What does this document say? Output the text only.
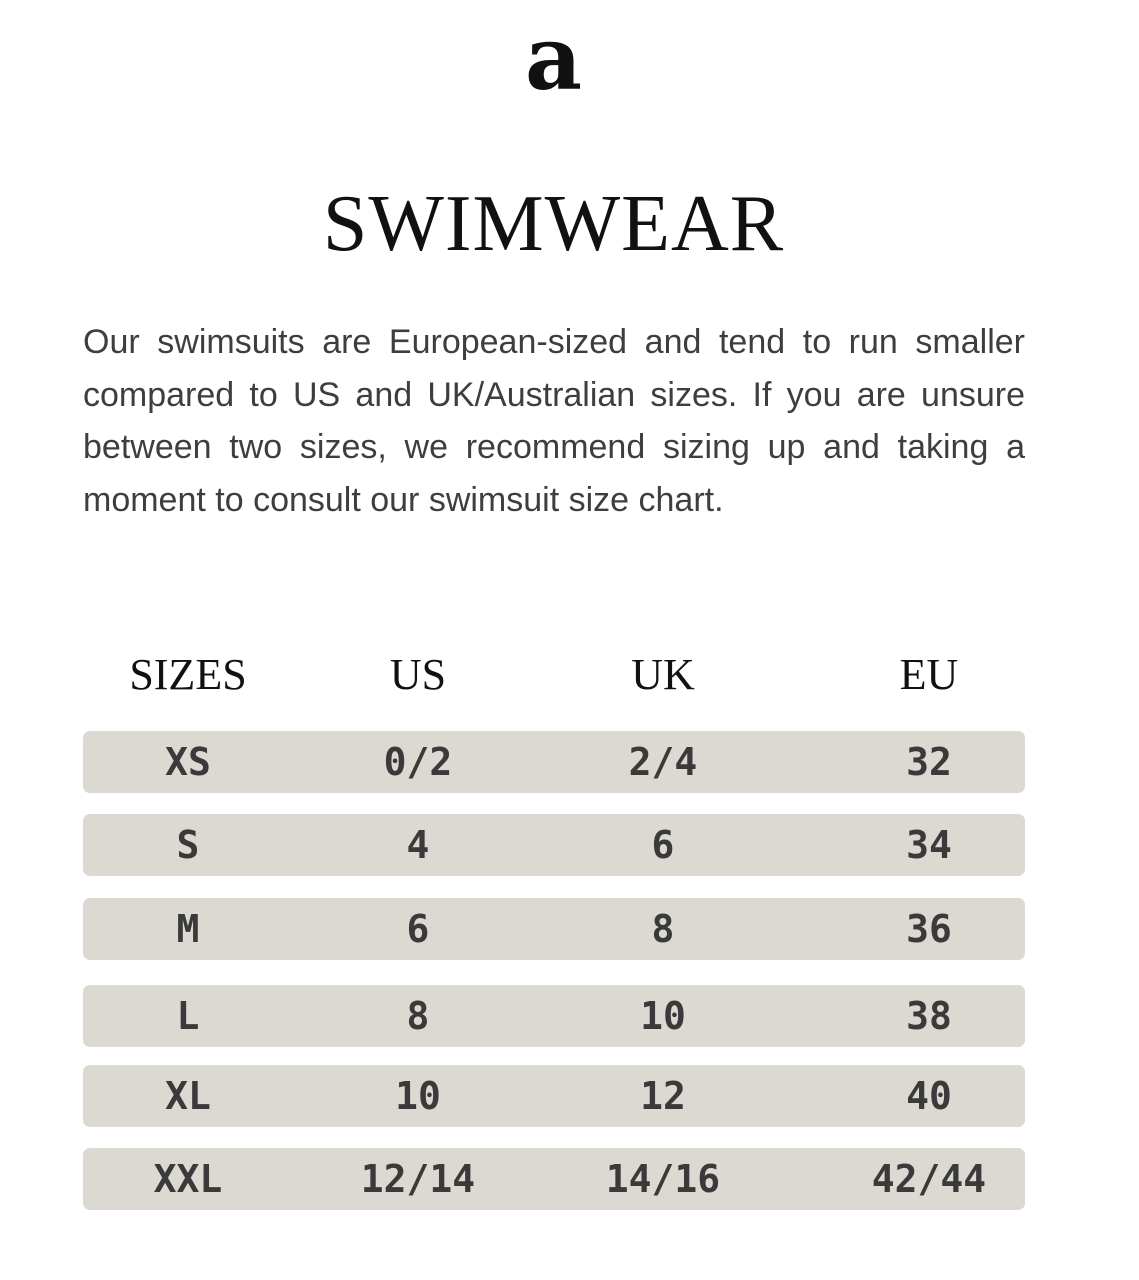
a
SWIMWEAR

Our swimsuits are European-sized and tend to run smaller compared to US and UK/Australian sizes. If you are unsure between two sizes, we recommend sizing up and taking a moment to consult our swimsuit size chart.

SIZES	US	UK	EU
XS	0/2	2/4	32
S	4	6	34
M	6	8	36
L	8	10	38
XL	10	12	40
XXL	12/14	14/16	42/44
